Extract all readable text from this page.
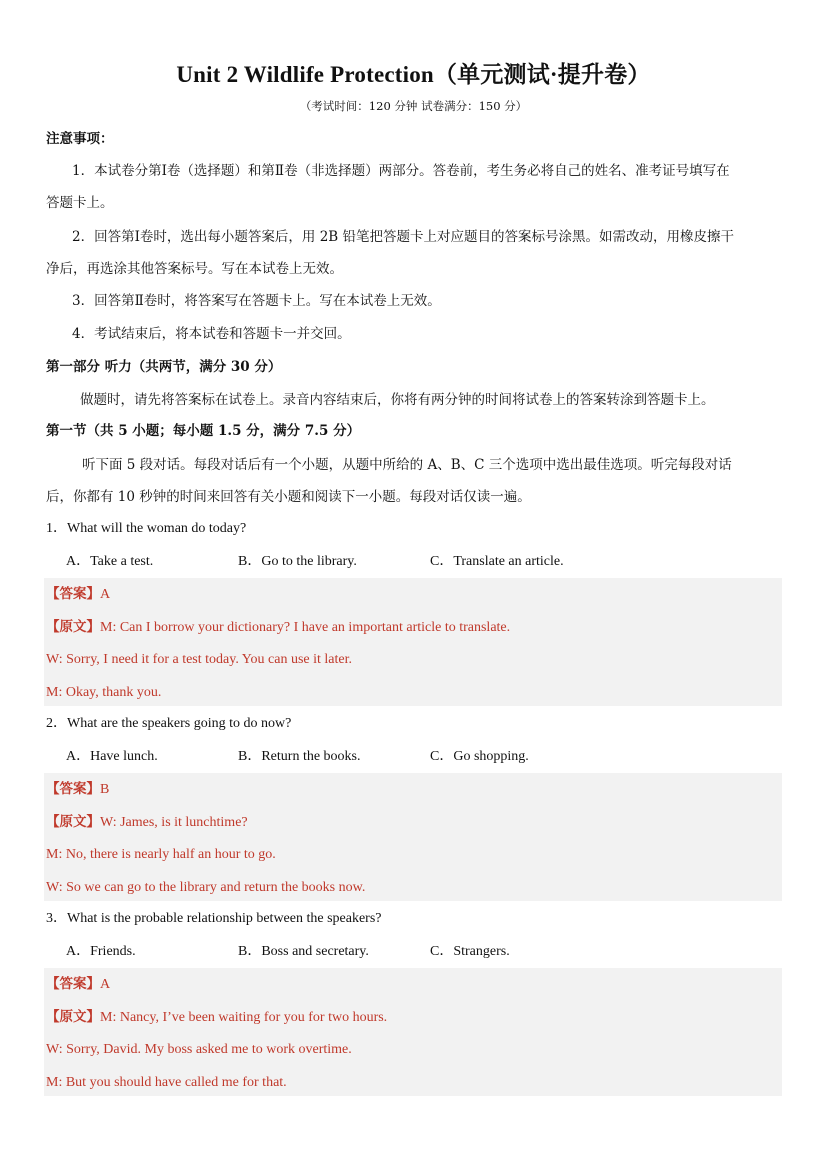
Unit 2 Wildlife Protection（单元测试·提升卷）
（考试时间：120 分钟 试卷满分：150 分）
注意事项：
1．本试卷分第Ⅰ卷（选择题）和第Ⅱ卷（非选择题）两部分。答卷前，考生务必将自己的姓名、准考证号填写在
答题卡上。
2．回答第Ⅰ卷时，选出每小题答案后，用 2B 铅笔把答题卡上对应题目的答案标号涂黑。如需改动，用橡皮擦干
净后，再选涂其他答案标号。写在本试卷上无效。
3．回答第Ⅱ卷时，将答案写在答题卡上。写在本试卷上无效。
4．考试结束后，将本试卷和答题卡一并交回。
第一部分 听力（共两节，满分 30 分）
做题时，请先将答案标在试卷上。录音内容结束后，你将有两分钟的时间将试卷上的答案转涂到答题卡上。
第一节（共 5 小题；每小题 1.5 分，满分 7.5 分）
听下面 5 段对话。每段对话后有一个小题，从题中所给的 A、B、C 三个选项中选出最佳选项。听完每段对话
后，你都有 10 秒钟的时间来回答有关小题和阅读下一小题。每段对话仅读一遍。
1．What will the woman do today?
A．Take a test.	B．Go to the library.	C．Translate an article.
【答案】A
【原文】M: Can I borrow your dictionary? I have an important article to translate.
W: Sorry, I need it for a test today. You can use it later.
M: Okay, thank you.
2．What are the speakers going to do now?
A．Have lunch.	B．Return the books.	C．Go shopping.
【答案】B
【原文】W: James, is it lunchtime?
M: No, there is nearly half an hour to go.
W: So we can go to the library and return the books now.
3．What is the probable relationship between the speakers?
A．Friends.	B．Boss and secretary.	C．Strangers.
【答案】A
【原文】M: Nancy, I’ve been waiting for you for two hours.
W: Sorry, David. My boss asked me to work overtime.
M: But you should have called me for that.
